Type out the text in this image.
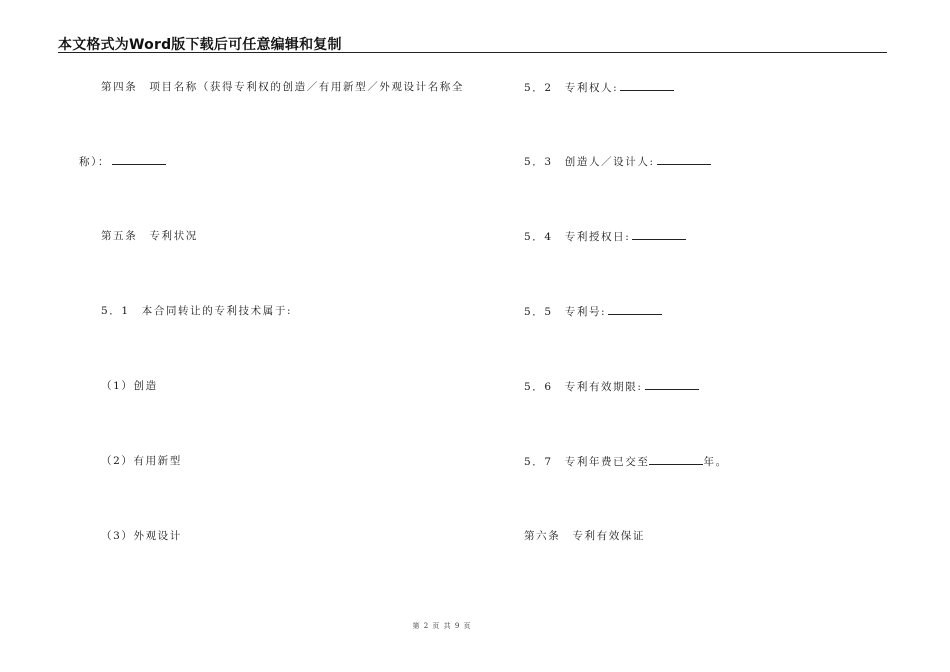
本文格式为Word版下载后可任意编辑和复制
第四条　项目名称（获得专利权的创造／有用新型／外观设计名称全
称）：
第五条　专利状况
5．1　本合同转让的专利技术属于:
（1）创造
（2）有用新型
（3）外观设计
5．2　专利权人:
5．3　创造人／设计人:
5．4　专利授权日:
5．5　专利号:
5．6　专利有效期限:
5．7　专利年费已交至	年。
第六条　专利有效保证
第 2 页 共 9 页
